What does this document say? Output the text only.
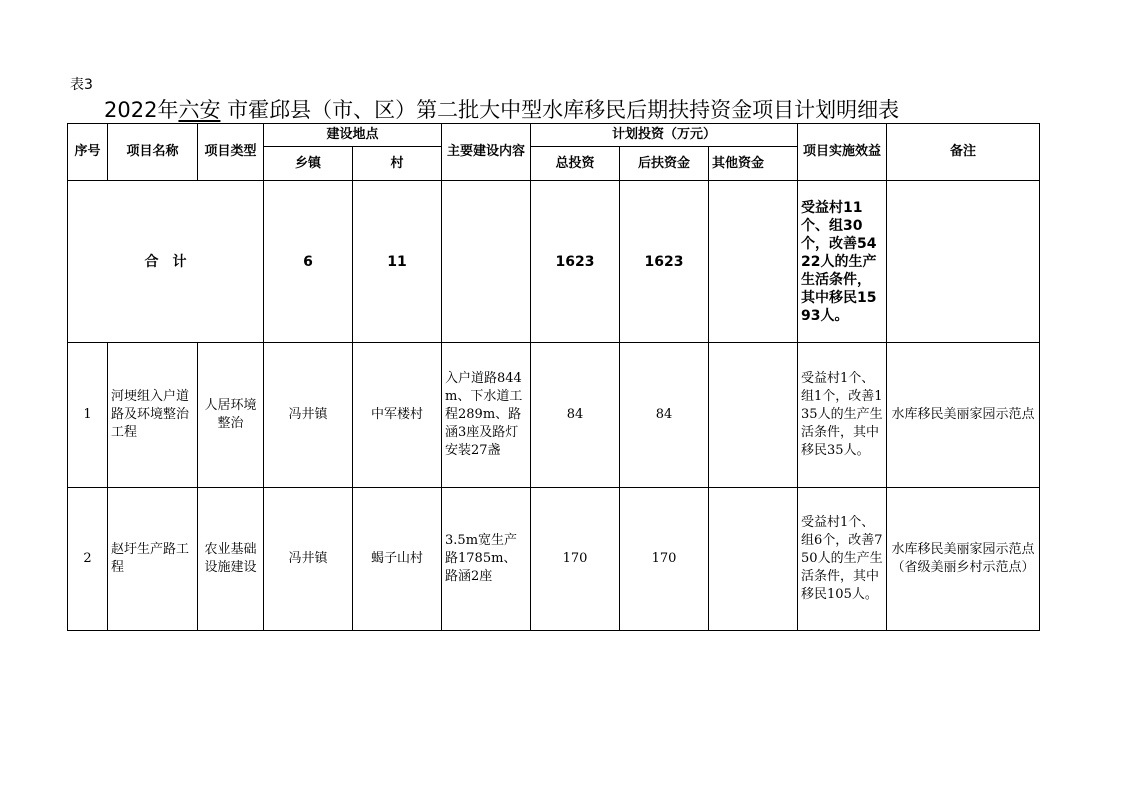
表3
2022年六安 市霍邱县（市、区）第二批大中型水库移民后期扶持资金项目计划明细表
序号	项目名称	项目类型	建设地点		主要建设内容	计划投资（万元）			项目实施效益	备注
			乡镇	村		总投资	后扶资金	其他资金		
合　计			6	11		1623	1623		受益村11个、组30个，改善5422人的生产生活条件，其中移民1593人。	
1	河埂组入户道路及环境整治工程	人居环境整治	冯井镇	中军楼村	入户道路844m、下水道工程289m、路涵3座及路灯安装27盏	84	84		受益村1个、组1个，改善135人的生产生活条件，其中移民35人。	水库移民美丽家园示范点
2	赵圩生产路工程	农业基础设施建设	冯井镇	蝎子山村	3.5m宽生产路1785m、路涵2座	170	170		受益村1个、组6个，改善750人的生产生活条件，其中移民105人。	水库移民美丽家园示范点（省级美丽乡村示范点）
